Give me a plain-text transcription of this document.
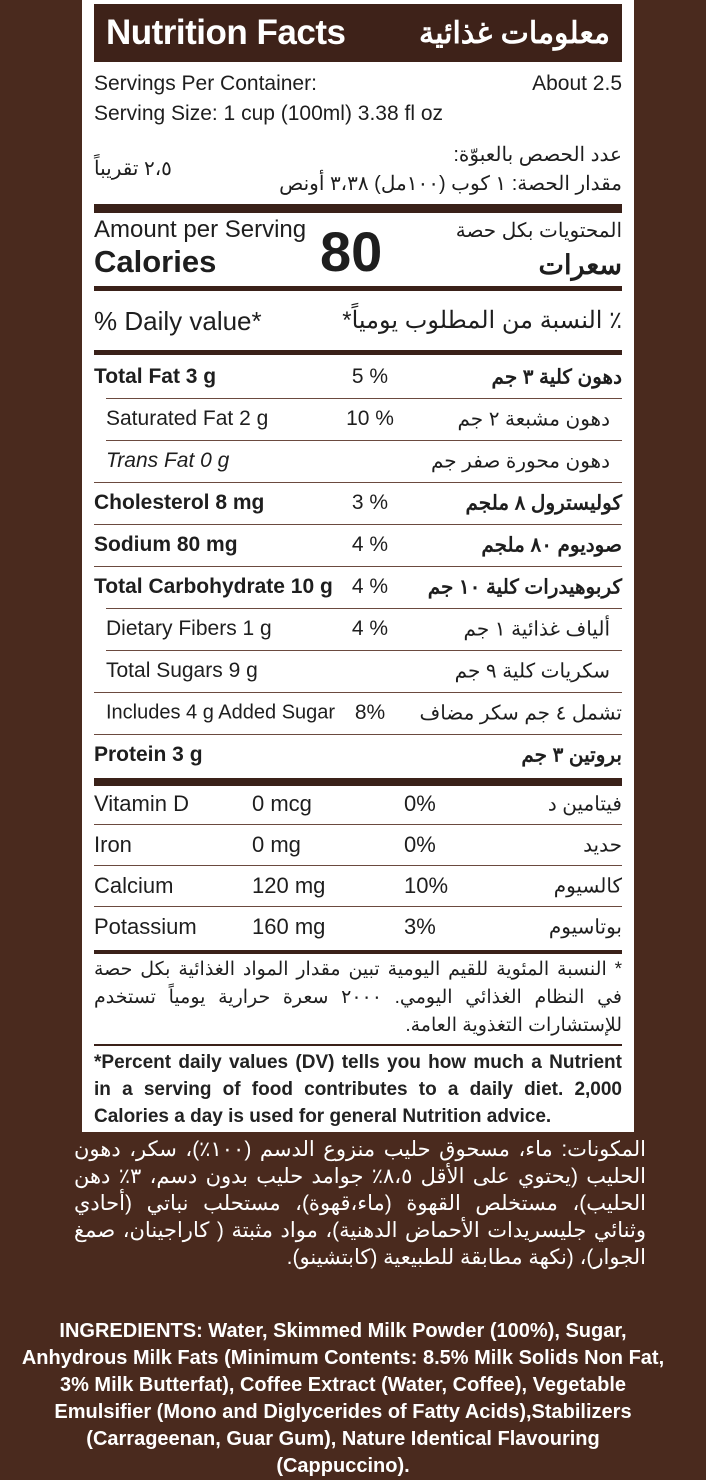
Nutrition Facts معلومات غذائية
Servings Per Container:	About 2.5
Serving Size: 1 cup (100ml) 3.38 fl oz
عدد الحصص بالعبوّة:
مقدار الحصة: ١ كوب (١٠٠مل) ٣،٣٨ أونص
٢،٥ تقريباً
Amount per Serving
Calories 80	المحتويات بكل حصة
سعرات
% Daily value*	٪ النسبة من المطلوب يومياً*
Total Fat 3 g	5 %	دهون كلية ٣ جم
Saturated Fat 2 g	10 %	دهون مشبعة ٢ جم
Trans Fat 0 g	دهون محورة صفر جم
Cholesterol 8 mg	3 %	كوليسترول ٨ ملجم
Sodium 80 mg	4 %	صوديوم ٨٠ ملجم
Total Carbohydrate 10 g 4 %	كربوهيدرات كلية ١٠ جم
Dietary Fibers 1 g	4 %	ألياف غذائية ١ جم
Total Sugars 9 g	سكريات كلية ٩ جم
Includes 4 g Added Sugar 8%	تشمل ٤ جم سكر مضاف
Protein 3 g	بروتين ٣ جم
Vitamin D	0 mcg	0%	فيتامين د
Iron	0 mg	0%	حديد
Calcium	120 mg	10%	كالسيوم
Potassium	160 mg	3%	بوتاسيوم
* النسبة المئوية للقيم اليومية تبين مقدار المواد الغذائية بكل حصة في النظام الغذائي اليومي. ٢٠٠٠ سعرة حرارية يومياً تستخدم للإستشارات التغذوية العامة.
*Percent daily values (DV) tells you how much a Nutrient in a serving of food contributes to a daily diet. 2,000 Calories a day is used for general Nutrition advice.
المكونات: ماء، مسحوق حليب منزوع الدسم (١٠٠٪)، سكر، دهون الحليب (يحتوي على الأقل ٨،٥٪ جوامد حليب بدون دسم، ٣٪ دهن الحليب)، مستخلص القهوة (ماء،قهوة)، مستحلب نباتي (أحادي وثنائي جليسريدات الأحماض الدهنية)، مواد مثبتة ( كاراجينان، صمغ الجوار)، (نكهة مطابقة للطبيعية (كابتشينو).
INGREDIENTS: Water, Skimmed Milk Powder (100%), Sugar, Anhydrous Milk Fats (Minimum Contents: 8.5% Milk Solids Non Fat, 3% Milk Butterfat), Coffee Extract (Water, Coffee), Vegetable Emulsifier (Mono and Diglycerides of Fatty Acids),Stabilizers (Carrageenan, Guar Gum), Nature Identical Flavouring (Cappuccino).
